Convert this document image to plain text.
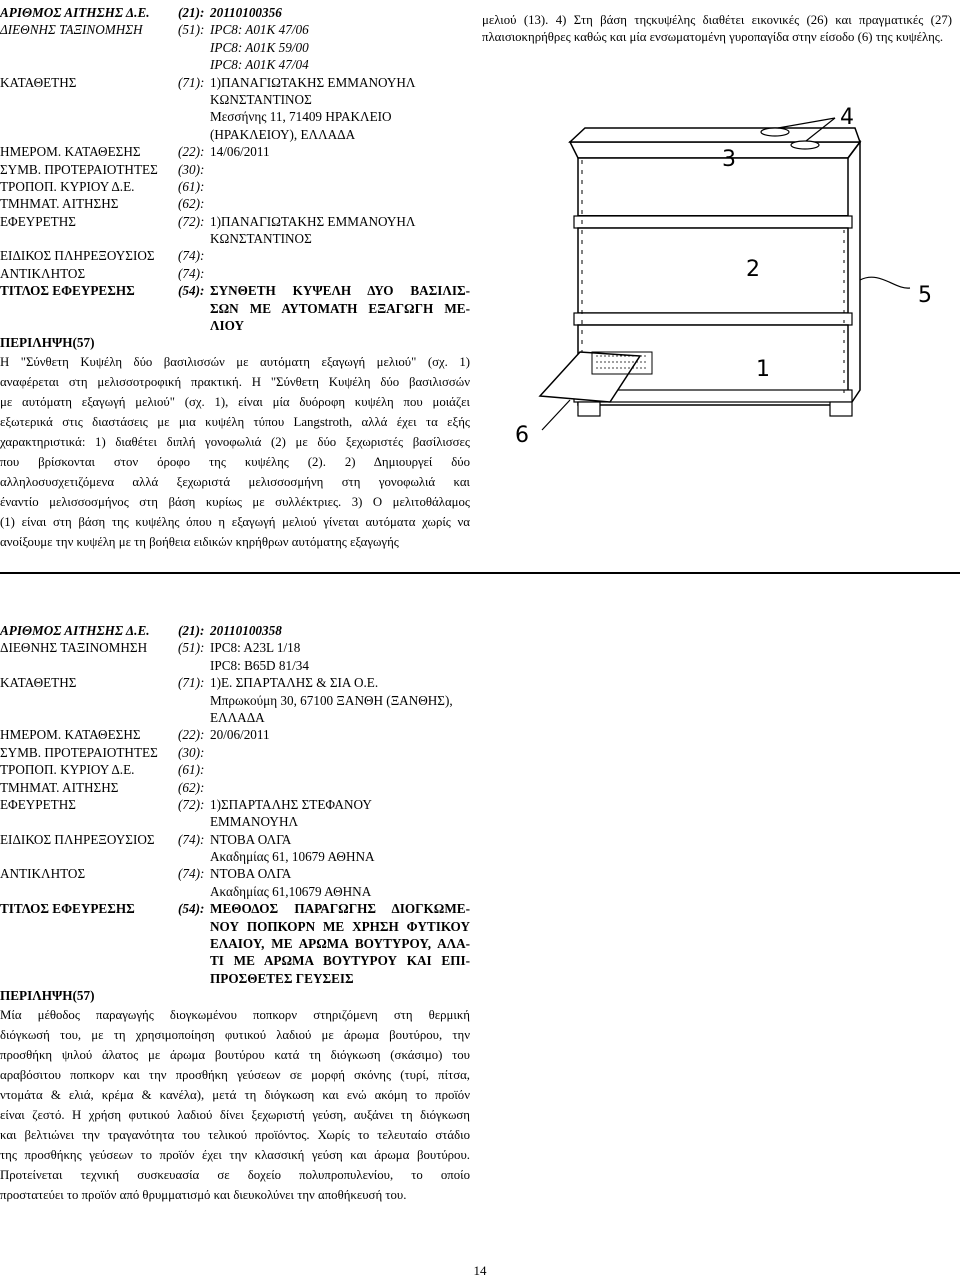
ΑΡΙΘΜΟΣ ΑΙΤΗΣΗΣ Δ.Ε. (21): 20110100356
ΔΙΕΘΝΗΣ ΤΑΞΙΝΟΜΗΣΗ	(51): IPC8: A01K 47/06
IPC8: A01K 59/00
IPC8: A01K 47/04
ΚΑΤΑΘΕΤΗΣ	(71): 1)ΠΑΝΑΓΙΩΤΑΚΗΣ ΕΜΜΑΝΟΥΗΛ
ΚΩΝΣΤΑΝΤΙΝΟΣ
Μεσσήνης 11, 71409 ΗΡΑΚΛΕΙΟ
(ΗΡΑΚΛΕΙΟΥ), ΕΛΛΑΔΑ
ΗΜΕΡΟΜ. ΚΑΤΑΘΕΣΗΣ	(22): 14/06/2011
ΣΥΜΒ. ΠΡΟΤΕΡΑΙΟΤΗΤΕΣ (30):
ΤΡΟΠΟΠ. ΚΥΡΙΟΥ Δ.Ε.	(61):
ΤΜΗΜΑΤ. ΑΙΤΗΣΗΣ	(62):
ΕΦΕΥΡΕΤΗΣ	(72): 1)ΠΑΝΑΓΙΩΤΑΚΗΣ ΕΜΜΑΝΟΥΗΛ
ΚΩΝΣΤΑΝΤΙΝΟΣ
ΕΙΔΙΚΟΣ ΠΛΗΡΕΞΟΥΣΙΟΣ (74):
ΑΝΤΙΚΛΗΤΟΣ	(74):
ΤΙΤΛΟΣ ΕΦΕΥΡΕΣΗΣ	(54): ΣΥΝΘΕΤΗ ΚΥΨΕΛΗ ΔΥΟ ΒΑΣΙΛΙΣ-
ΣΩΝ ΜΕ ΑΥΤΟΜΑΤΗ ΕΞΑΓΩΓΗ ΜΕ-
ΛΙΟΥ
ΠΕΡΙΛΗΨΗ(57)
Η "Σύνθετη Κυψέλη δύο βασιλισσών με αυτόματη εξαγωγή μελιού" (σχ. 1)
αναφέρεται στη μελισσοτροφική πρακτική. Η "Σύνθετη Κυψέλη δύο βασιλισσών
με αυτόματη εξαγωγή μελιού" (σχ. 1), είναι μία δυόροφη κυψέλη που μοιάζει
εξωτερικά στις διαστάσεις με μια κυψέλη τύπου Langstroth, αλλά έχει τα εξής
χαρακτηριστικά: 1) διαθέτει διπλή γονοφωλιά (2) με δύο ξεχωριστές βασίλισσες
που βρίσκονται στον όροφο της κυψέλης (2). 2) Δημιουργεί δύο
αλληλοσυσχετιζόμενα αλλά ξεχωριστά μελισσοσμήνη στη γονοφωλιά και
έναντίο μελισσοσμήνος στη βάση κυρίως με συλλέκτριες. 3) Ο μελιτοθάλαμος
(1) είναι στη βάση της κυψέλης όπου η εξαγωγή μελιού γίνεται αυτόματα χωρίς να
ανοίξουμε την κυψέλη με τη βοήθεια ειδικών κηρήθρων αυτόματης εξαγωγής
μελιού (13). 4) Στη βάση τηςκυψέλης διαθέτει εικονικές (26) και πραγματικές (27) πλαισιοκηρήθρες καθώς και μία ενσωματομένη γυροπαγίδα στην είσοδο (6) της κυψέλης.
4
3
2
5
1
6
ΑΡΙΘΜΟΣ ΑΙΤΗΣΗΣ Δ.Ε. (21): 20110100358
ΔΙΕΘΝΗΣ ΤΑΞΙΝΟΜΗΣΗ (51): IPC8: A23L 1/18
IPC8: B65D 81/34
ΚΑΤΑΘΕΤΗΣ	(71): 1)Ε. ΣΠΑΡΤΑΛΗΣ & ΣΙΑ Ο.Ε.
Μπρωκούμη 30, 67100 ΞΑΝΘΗ (ΞΑΝΘΗΣ),
ΕΛΛΑΔΑ
ΗΜΕΡΟΜ. ΚΑΤΑΘΕΣΗΣ	(22): 20/06/2011
ΣΥΜΒ. ΠΡΟΤΕΡΑΙΟΤΗΤΕΣ (30):
ΤΡΟΠΟΠ. ΚΥΡΙΟΥ Δ.Ε.	(61):
ΤΜΗΜΑΤ. ΑΙΤΗΣΗΣ	(62):
ΕΦΕΥΡΕΤΗΣ	(72): 1)ΣΠΑΡΤΑΛΗΣ ΣΤΕΦΑΝΟΥ
ΕΜΜΑΝΟΥΗΛ
ΕΙΔΙΚΟΣ ΠΛΗΡΕΞΟΥΣΙΟΣ (74): ΝΤΟΒΑ ΟΛΓΑ
Ακαδημίας 61, 10679 ΑΘΗΝΑ
ΑΝΤΙΚΛΗΤΟΣ	(74): ΝΤΟΒΑ ΟΛΓΑ
Ακαδημίας 61,10679 ΑΘΗΝΑ
ΤΙΤΛΟΣ ΕΦΕΥΡΕΣΗΣ	(54): ΜΕΘΟΔΟΣ ΠΑΡΑΓΩΓΗΣ ΔΙΟΓΚΩΜΕ-
ΝΟΥ ΠΟΠΚΟΡΝ ΜΕ ΧΡΗΣΗ ΦΥΤΙΚΟΥ
ΕΛΑΙΟΥ, ΜΕ ΑΡΩΜΑ ΒΟΥΤΥΡΟΥ, ΑΛΑ-
ΤΙ ΜΕ ΑΡΩΜΑ ΒΟΥΤΥΡΟΥ ΚΑΙ ΕΠΙ-
ΠΡΟΣΘΕΤΕΣ ΓΕΥΣΕΙΣ
ΠΕΡΙΛΗΨΗ(57)
Μία μέθοδος παραγωγής διογκωμένου ποπκορν στηριζόμενη στη θερμική
διόγκωσή του, με τη χρησιμοποίηση φυτικού λαδιού με άρωμα βουτύρου, την
προσθήκη ψιλού άλατος με άρωμα βουτύρου κατά τη διόγκωση (σκάσιμο) του
αραβόσιτου ποπκορν και την προσθήκη γεύσεων σε μορφή σκόνης (τυρί, πίτσα,
ντομάτα & ελιά, κρέμα & κανέλα), μετά τη διόγκωση και ενώ ακόμη το προϊόν
είναι ζεστό. Η χρήση φυτικού λαδιού δίνει ξεχωριστή γεύση, αυξάνει τη διόγκωση
και βελτιώνει την τραγανότητα του τελικού προϊόντος. Χωρίς το τελευταίο στάδιο
της προσθήκης γεύσεων το προϊόν έχει την κλασσική γεύση και άρωμα βουτύρου.
Προτείνεται τεχνική συσκευασία σε δοχείο πολυπροπυλενίου, το οποίο
προστατεύει το προϊόν από θρυμματισμό και διευκολύνει την αποθήκευσή του.
14
